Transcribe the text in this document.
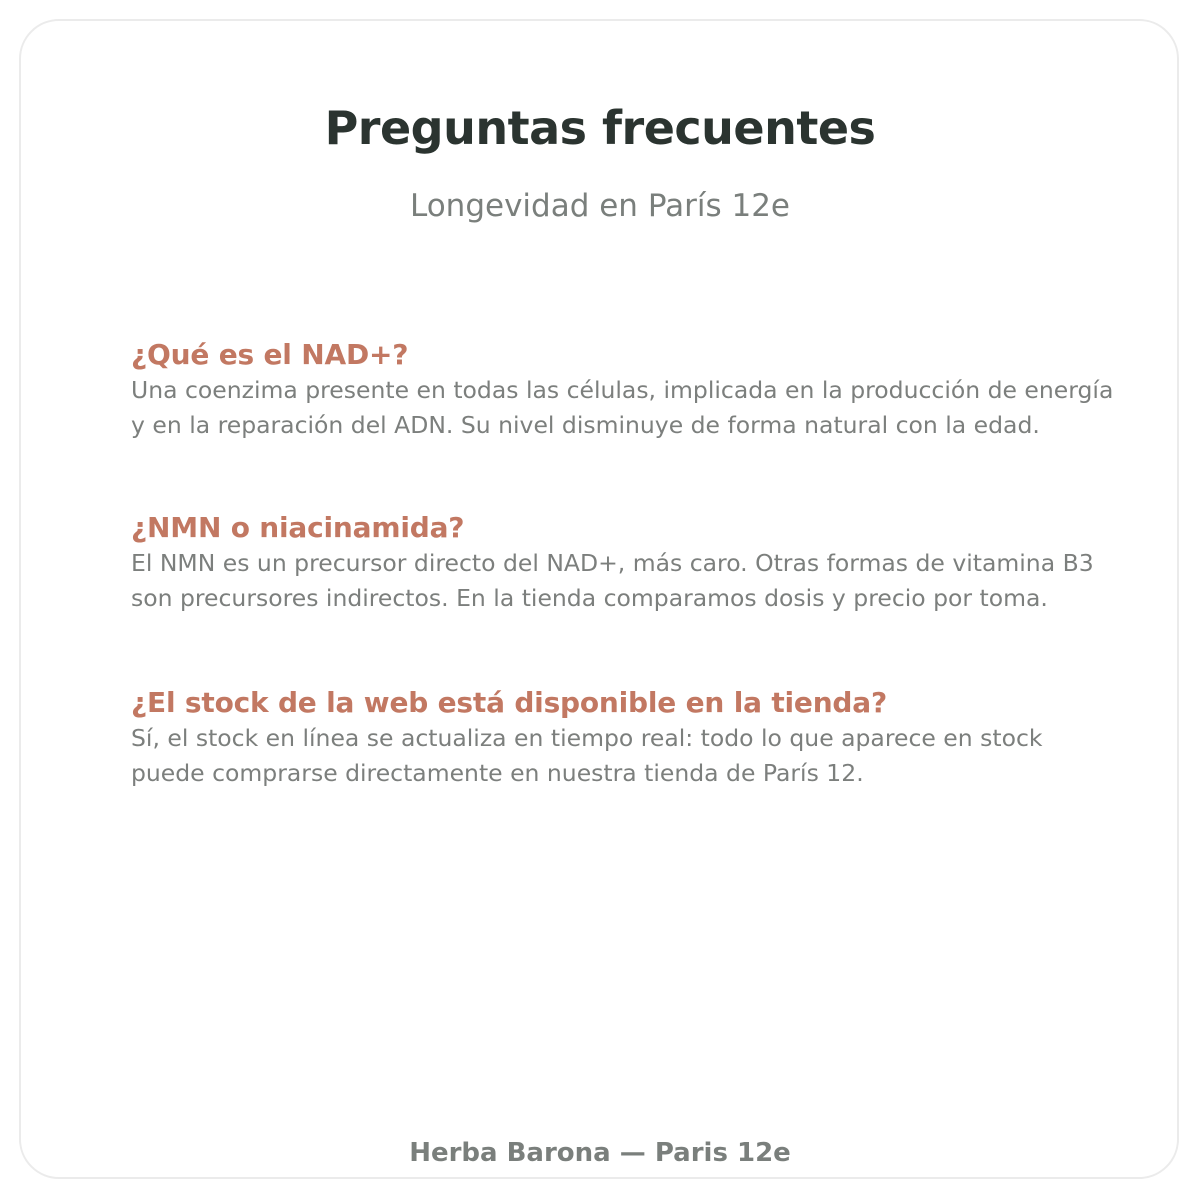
Preguntas frecuentes

Longevidad en París 12e

¿Qué es el NAD+?

Una coenzima presente en todas las células, implicada en la producción de energía y en la reparación del ADN. Su nivel disminuye de forma natural con la edad.

¿NMN o niacinamida?

El NMN es un precursor directo del NAD+, más caro. Otras formas de vitamina B3 son precursores indirectos. En la tienda comparamos dosis y precio por toma.

¿El stock de la web está disponible en la tienda?

Sí, el stock en línea se actualiza en tiempo real: todo lo que aparece en stock puede comprarse directamente en nuestra tienda de París 12.

Herba Barona — Paris 12e
